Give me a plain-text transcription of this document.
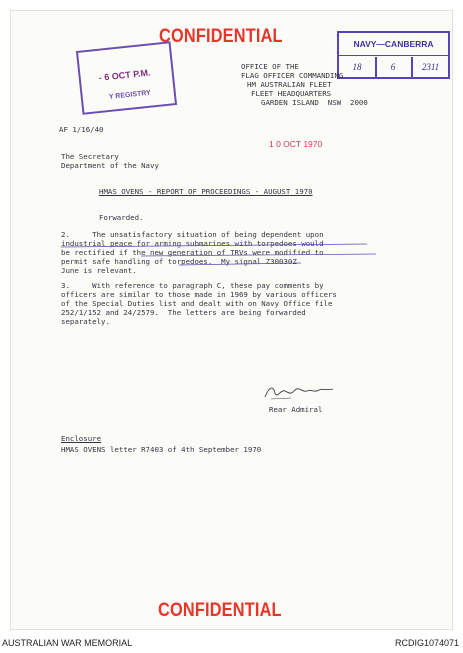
CONFIDENTIAL
- 6 OCT P.M.
Y REGISTRY
NAVY—CANBERRA
18	6	2311
OFFICE OF THE
FLAG OFFICER COMMANDING
HM AUSTRALIAN FLEET
FLEET HEADQUARTERS
GARDEN ISLAND  NSW  2000
AF 1/16/40
1 0 OCT 1970
The Secretary
Department of the Navy
HMAS OVENS - REPORT OF PROCEEDINGS - AUGUST 1970
Forwarded.
2.     The unsatisfactory situation of being dependent upon
industrial peace for arming submarines with torpedoes would
be rectified if the new generation of TRVs were modified to
permit safe handling of torpedoes.  My signal Z30030Z
June is relevant.
3.     With reference to paragraph C, these pay comments by
officers are similar to those made in 1969 by various officers
of the Special Duties list and dealt with on Navy Office file
252/1/152 and 24/2579.  The letters are being forwarded
separately.
Rear Admiral
Enclosure
HMAS OVENS letter R7403 of 4th September 1970
CONFIDENTIAL
AUSTRALIAN WAR MEMORIAL	RCDIG1074071
